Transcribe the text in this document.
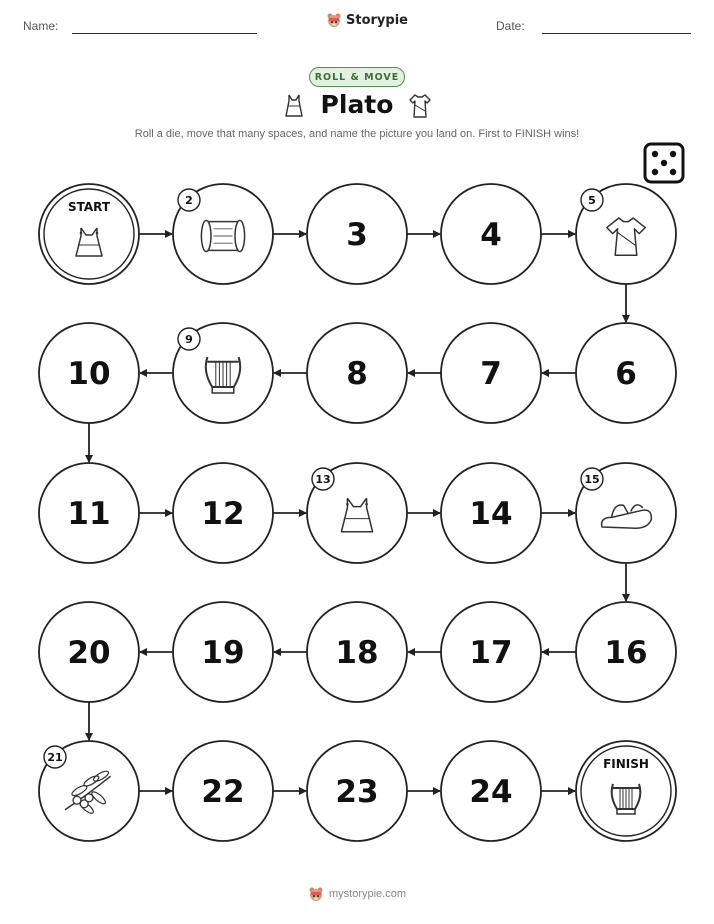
Name:	Storypie	Date:
ROLL & MOVE
Plato
Roll a die, move that many spaces, and name the picture you land on. First to FINISH wins!
START	2
3	4
5
6
7
8
9
10
11	12
13
14
15
16
17
18
19
20
21
22	23	24
FINISH
mystorypie.com
